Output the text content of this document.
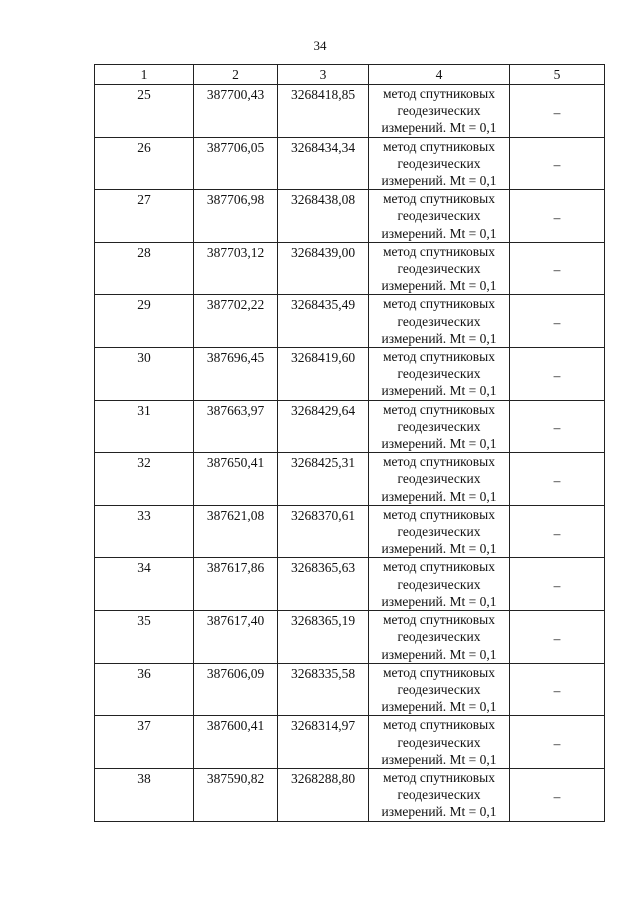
34
1	2	3	4	5
25	387700,43	3268418,85	метод спутниковых геодезических измерений. Mt = 0,1	–
26	387706,05	3268434,34	метод спутниковых геодезических измерений. Mt = 0,1	–
27	387706,98	3268438,08	метод спутниковых геодезических измерений. Mt = 0,1	–
28	387703,12	3268439,00	метод спутниковых геодезических измерений. Mt = 0,1	–
29	387702,22	3268435,49	метод спутниковых геодезических измерений. Mt = 0,1	–
30	387696,45	3268419,60	метод спутниковых геодезических измерений. Mt = 0,1	–
31	387663,97	3268429,64	метод спутниковых геодезических измерений. Mt = 0,1	–
32	387650,41	3268425,31	метод спутниковых геодезических измерений. Mt = 0,1	–
33	387621,08	3268370,61	метод спутниковых геодезических измерений. Mt = 0,1	–
34	387617,86	3268365,63	метод спутниковых геодезических измерений. Mt = 0,1	–
35	387617,40	3268365,19	метод спутниковых геодезических измерений. Mt = 0,1	–
36	387606,09	3268335,58	метод спутниковых геодезических измерений. Mt = 0,1	–
37	387600,41	3268314,97	метод спутниковых геодезических измерений. Mt = 0,1	–
38	387590,82	3268288,80	метод спутниковых геодезических измерений. Mt = 0,1	–
